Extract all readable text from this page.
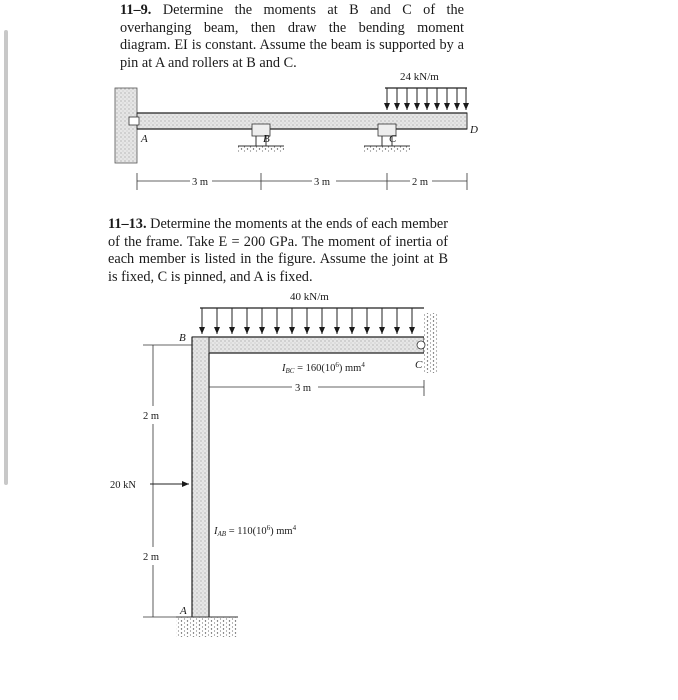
11–9. Determine the moments at B and C of the overhanging beam, then draw the bending moment diagram. EI is constant. Assume the beam is supported by a pin at A and rollers at B and C.

11–13. Determine the moments at the ends of each member of the frame. Take E = 200 GPa. The moment of inertia of each member is listed in the figure. Assume the joint at B is fixed, C is pinned, and A is fixed.

24 kN/m
A	B	C
D
3 m	3 m	2 m
40 kN/m
B
C
A
IBC = $160(10^6)$ $mm^4$
3 m
IAB = $110(10^6)$ $mm^4$
2 m
2 m
20 kN
